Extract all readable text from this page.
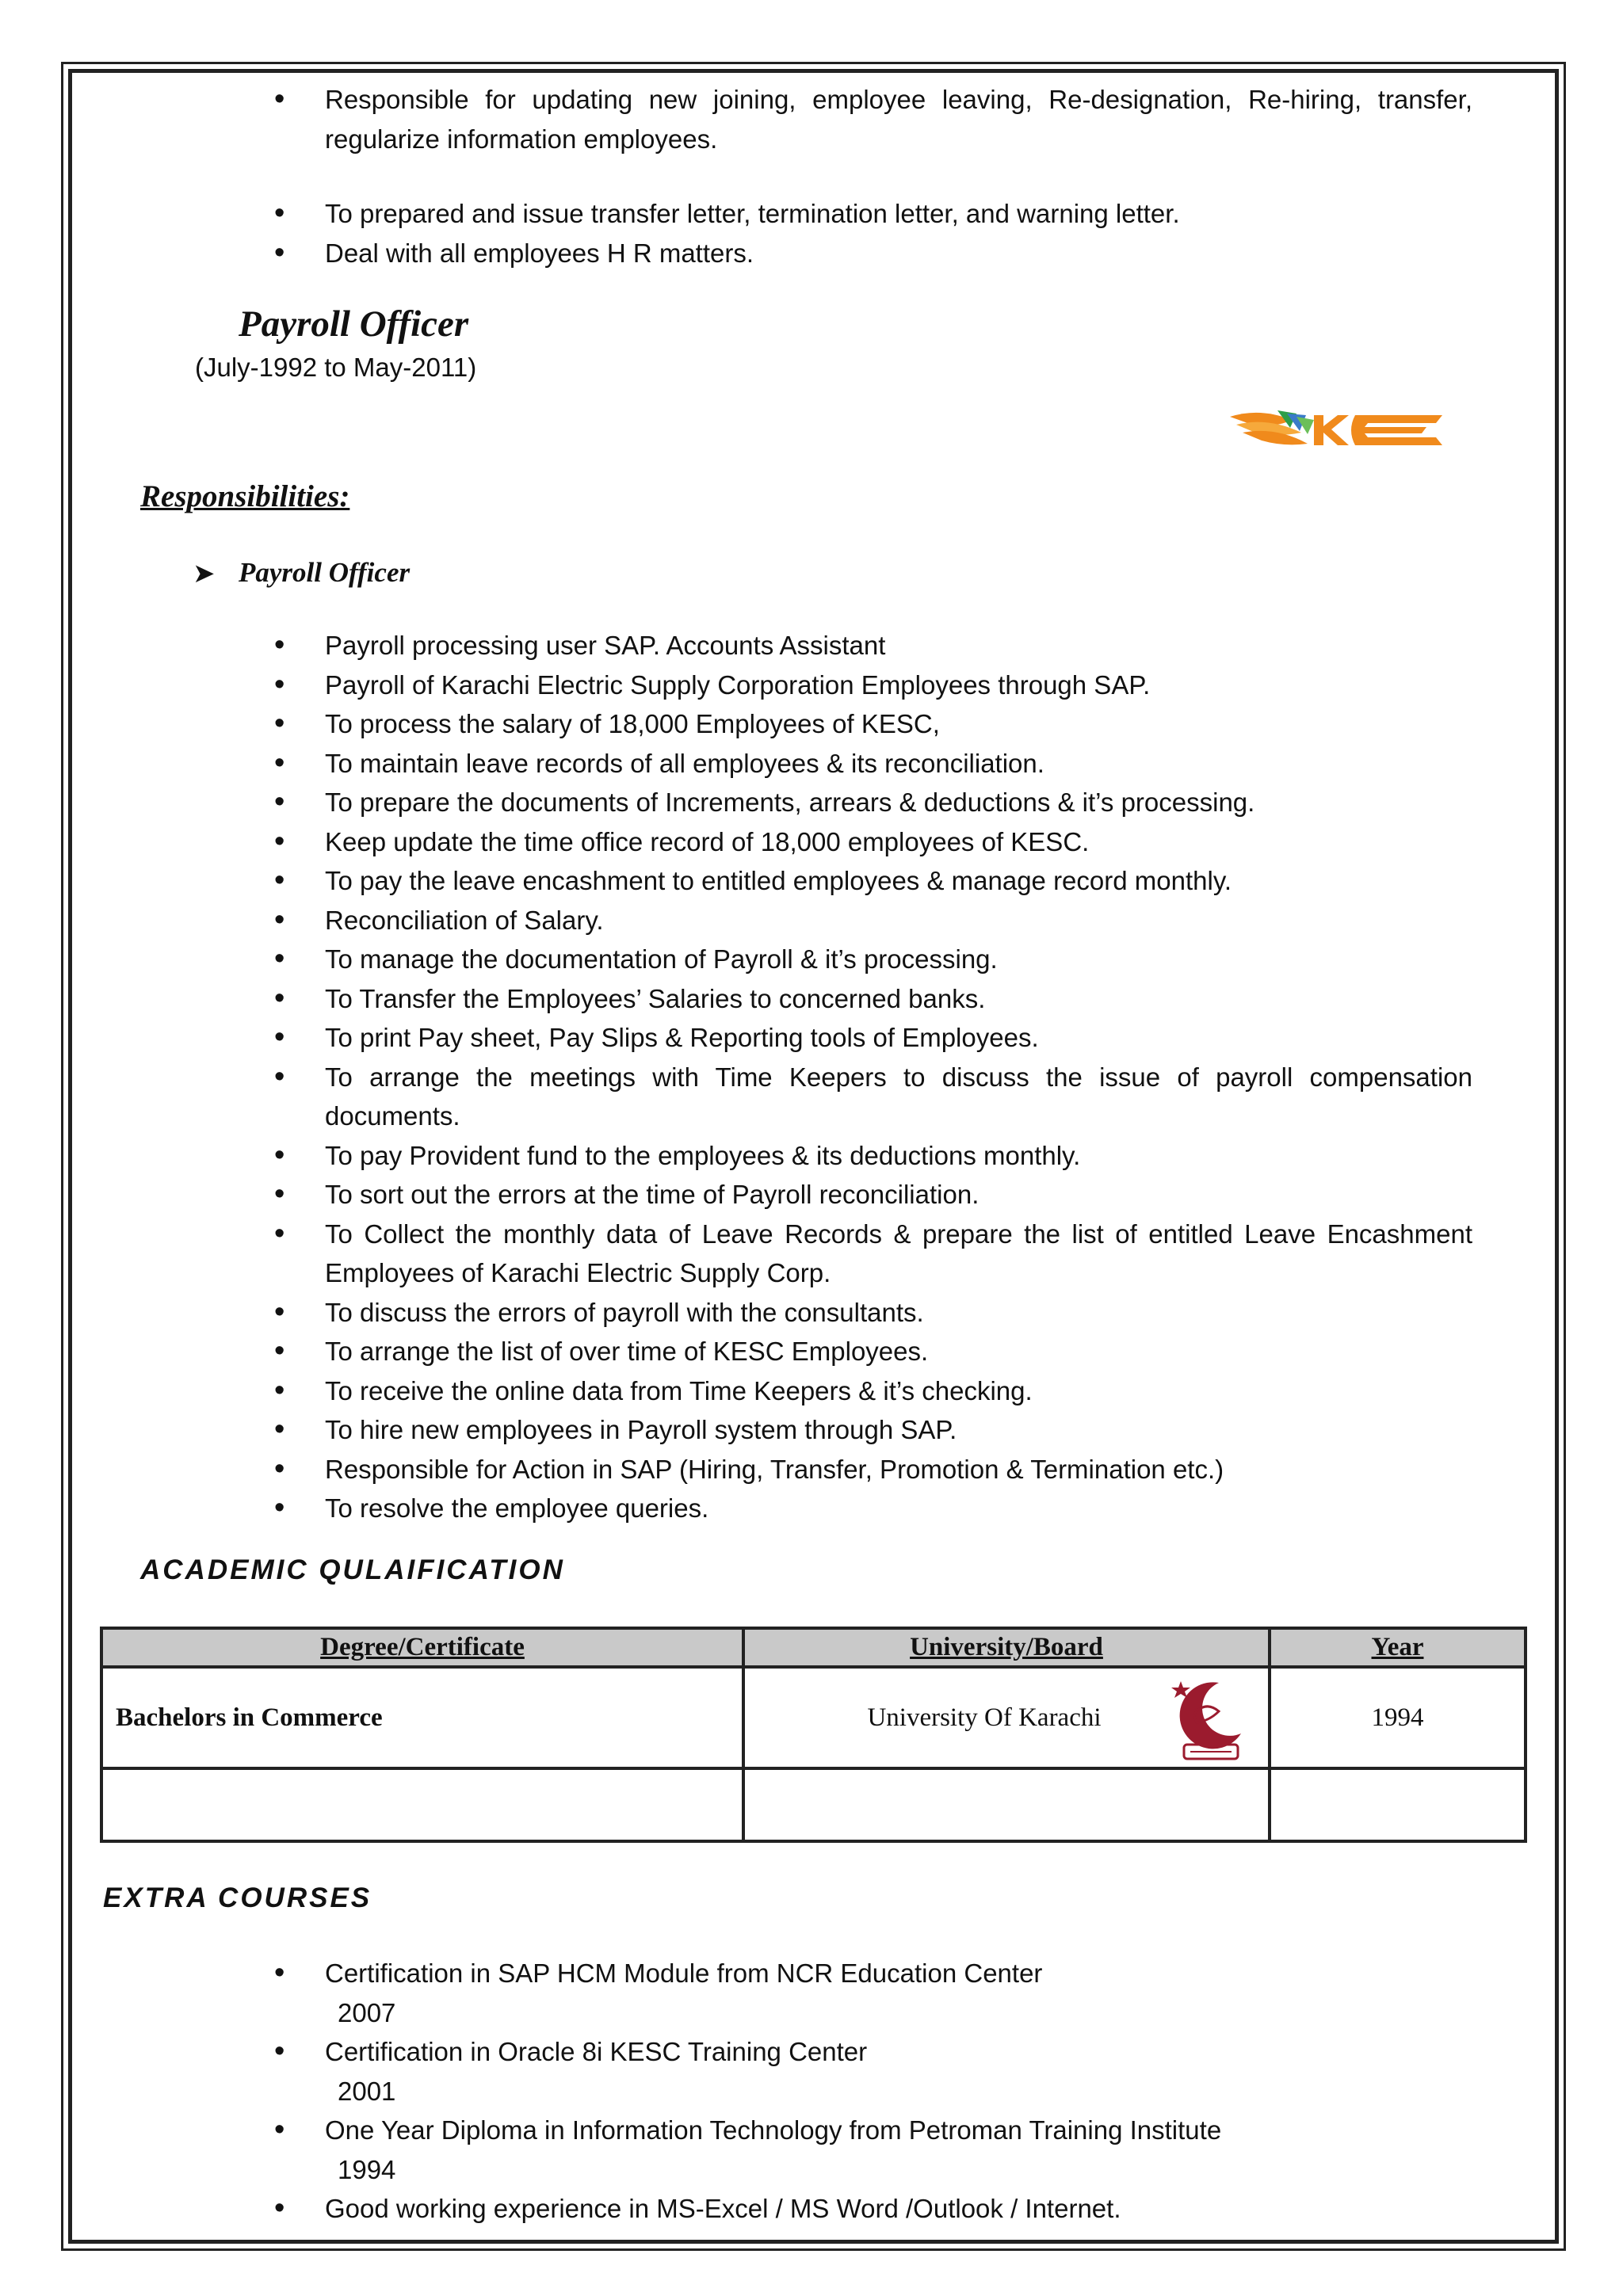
• Responsible for updating new joining, employee leaving, Re-designation, Re-hiring, transfer, regularize information employees.
• To prepared and issue transfer letter, termination letter, and warning letter.
• Deal with all employees H R matters.
Payroll Officer
(July-1992 to May-2011)
Responsibilities:
➤ Payroll Officer
• Payroll processing user SAP. Accounts Assistant
• Payroll of Karachi Electric Supply Corporation Employees through SAP.
• To process the salary of 18,000 Employees of KESC,
• To maintain leave records of all employees & its reconciliation.
• To prepare the documents of Increments, arrears & deductions & it’s processing.
• Keep update the time office record of 18,000 employees of KESC.
• To pay the leave encashment to entitled employees & manage record monthly.
• Reconciliation of Salary.
• To manage the documentation of Payroll & it’s processing.
• To Transfer the Employees’ Salaries to concerned banks.
• To print Pay sheet, Pay Slips & Reporting tools of Employees.
• To arrange the meetings with Time Keepers to discuss the issue of payroll compensation documents.
• To pay Provident fund to the employees & its deductions monthly.
• To sort out the errors at the time of Payroll reconciliation.
• To Collect the monthly data of Leave Records & prepare the list of entitled Leave Encashment Employees of Karachi Electric Supply Corp.
• To discuss the errors of payroll with the consultants.
• To arrange the list of over time of KESC Employees.
• To receive the online data from Time Keepers & it’s checking.
• To hire new employees in Payroll system through SAP.
• Responsible for Action in SAP (Hiring, Transfer, Promotion & Termination etc.)
• To resolve the employee queries.
ACADEMIC QULAIFICATION
Degree/Certificate	University/Board	Year
Bachelors in Commerce	University Of Karachi	1994

EXTRA COURSES
• Certification in SAP HCM Module from NCR Education Center
2007
• Certification in Oracle 8i KESC Training Center
2001
• One Year Diploma in Information Technology from Petroman Training Institute
1994
• Good working experience in MS-Excel / MS Word /Outlook / Internet.
